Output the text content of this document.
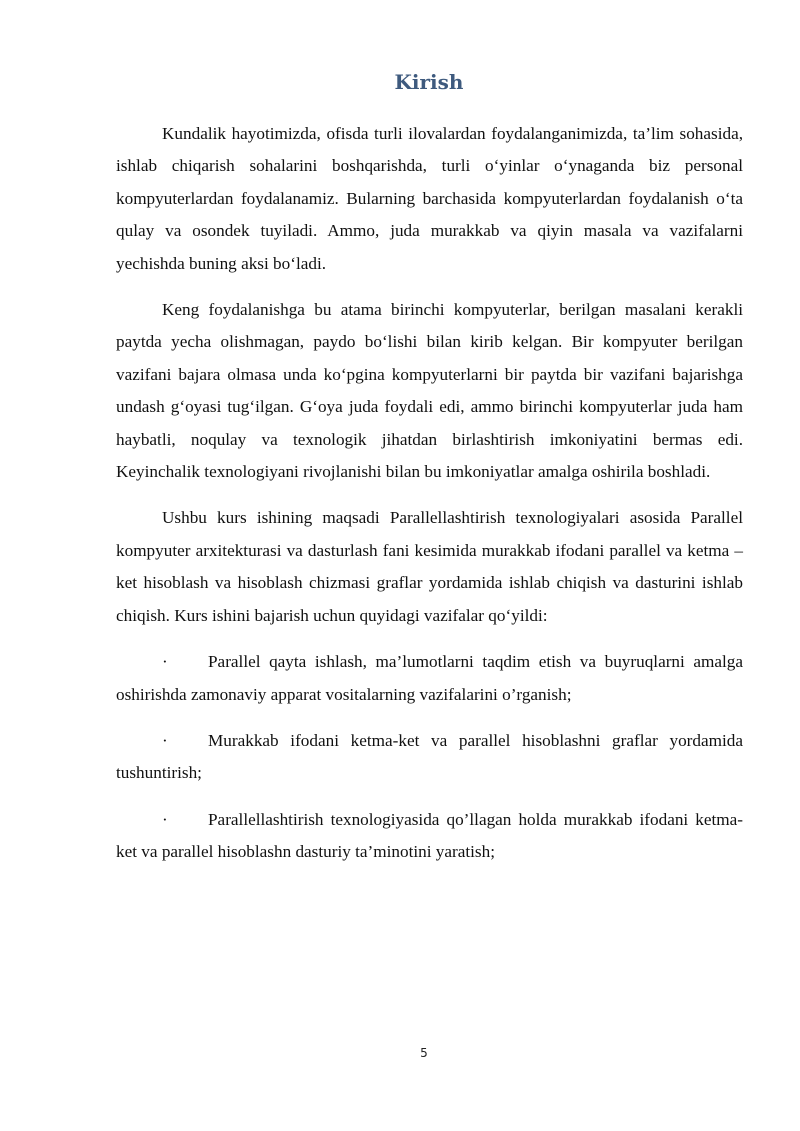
Kirish

Kundalik hayotimizda, ofisda turli ilovalardan foydalanganimizda, ta’lim sohasida, ishlab chiqarish sohalarini boshqarishda, turli o‘yinlar o‘ynaganda biz personal kompyuterlardan foydalanamiz. Bularning barchasida kompyuterlardan foydalanish o‘ta qulay va osondek tuyiladi. Ammo, juda murakkab va qiyin masala va vazifalarni yechishda buning aksi bo‘ladi.

Keng foydalanishga bu atama birinchi kompyuterlar, berilgan masalani kerakli paytda yecha olishmagan, paydo bo‘lishi bilan kirib kelgan. Bir kompyuter berilgan vazifani bajara olmasa unda ko‘pgina kompyuterlarni bir paytda bir vazifani bajarishga undash g‘oyasi tug‘ilgan. G‘oya juda foydali edi, ammo birinchi kompyuterlar juda ham haybatli, noqulay va texnologik jihatdan birlashtirish imkoniyatini bermas edi. Keyinchalik texnologiyani rivojlanishi bilan bu imkoniyatlar amalga oshirila boshladi.

Ushbu kurs ishining maqsadi Parallellashtirish texnologiyalari asosida Parallel kompyuter arxitekturasi va dasturlash fani kesimida murakkab ifodani parallel va ketma – ket hisoblash va hisoblash chizmasi graflar yordamida ishlab chiqish va dasturini ishlab chiqish. Kurs ishini bajarish uchun quyidagi vazifalar qo‘yildi:

· Parallel qayta ishlash, ma’lumotlarni taqdim etish va buyruqlarni amalga oshirishda zamonaviy apparat vositalarning vazifalarini o’rganish;

· Murakkab ifodani ketma-ket va parallel hisoblashni graflar yordamida tushuntirish;

· Parallellashtirish texnologiyasida qo’llagan holda murakkab ifodani ketma-ket va parallel hisoblashn dasturiy ta’minotini yaratish;

5
